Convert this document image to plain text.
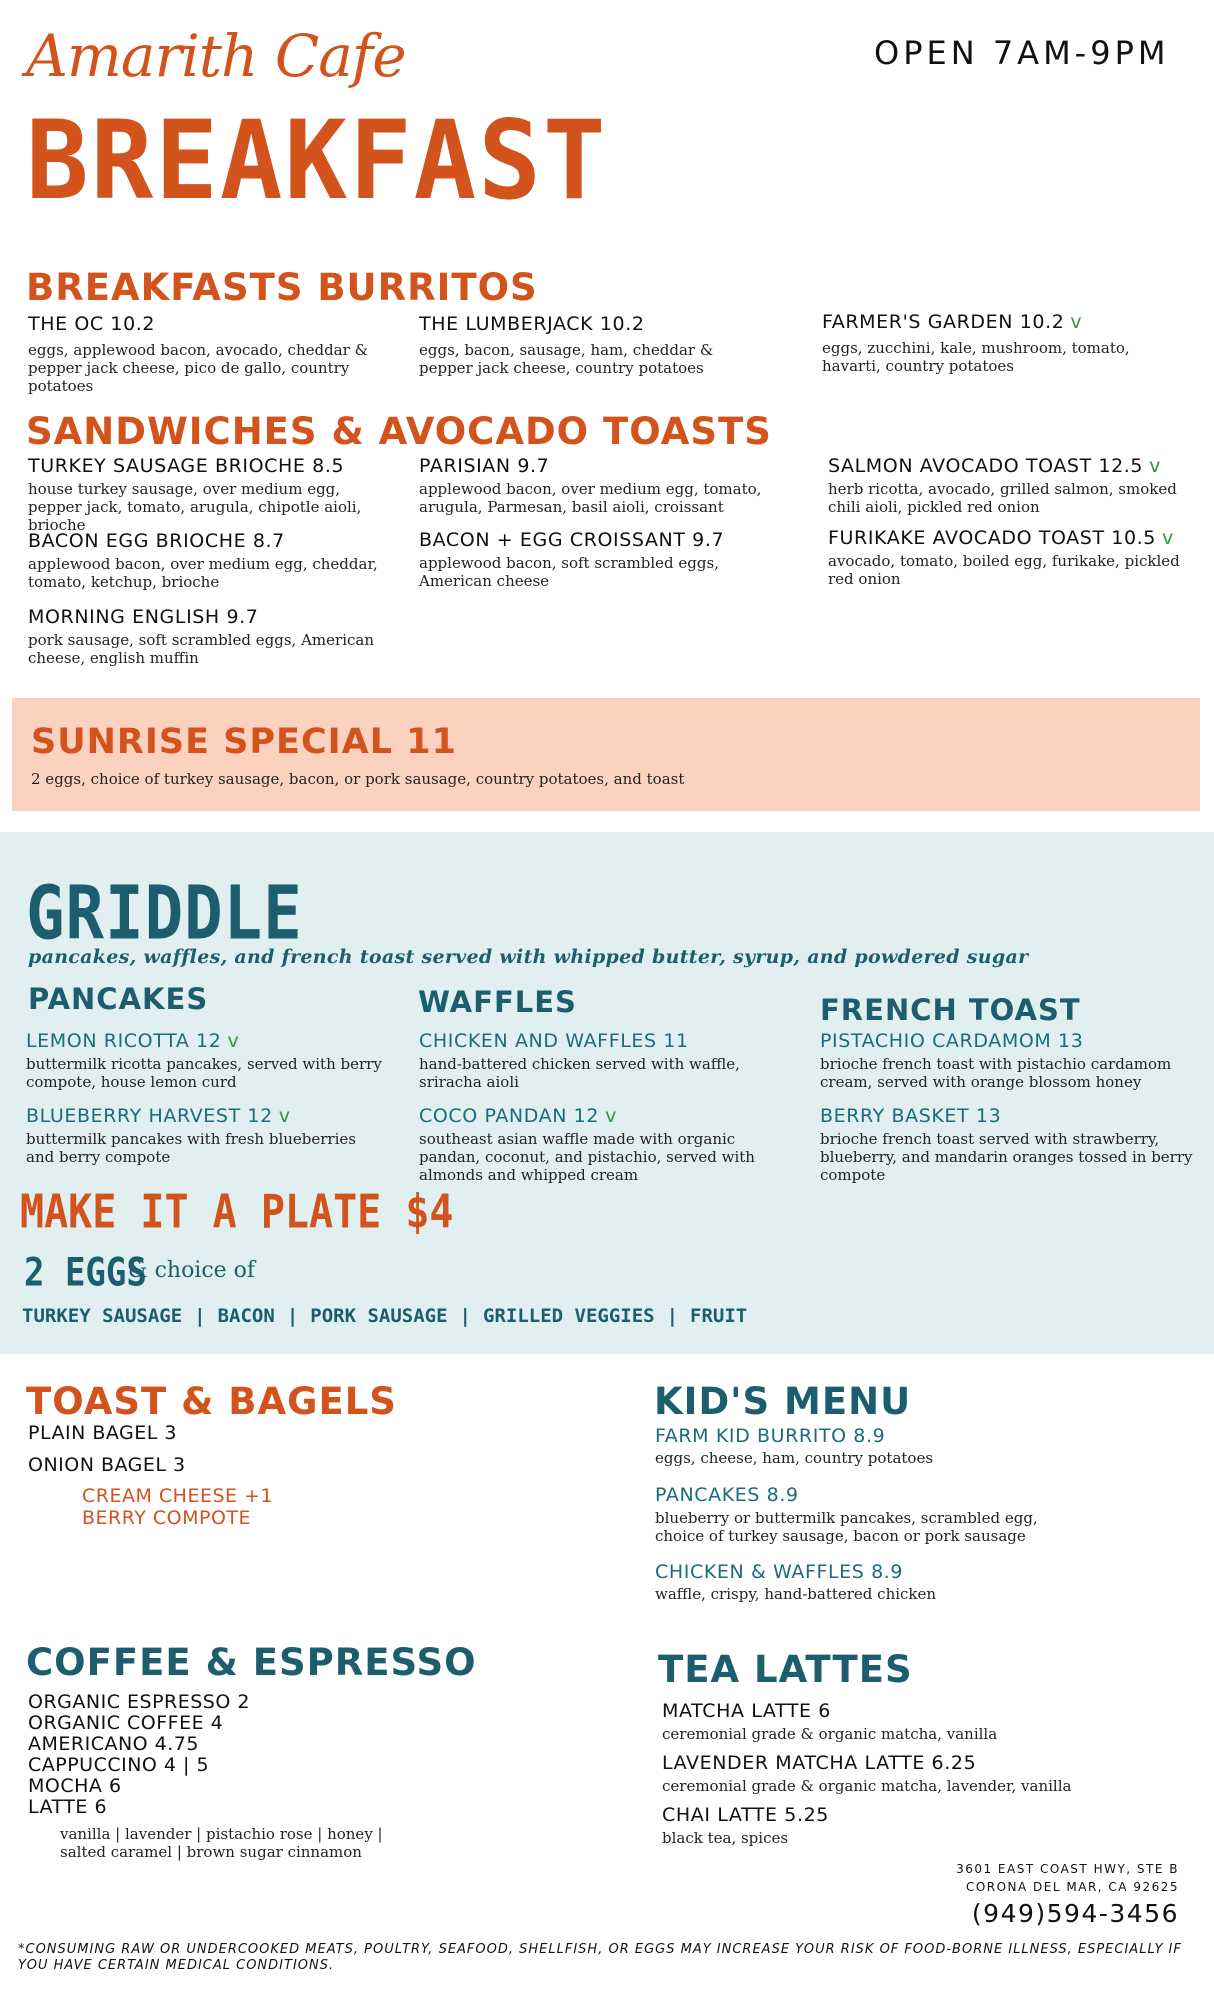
Amarith Cafe
BREAKFAST
OPEN 7AM-9PM
BREAKFASTS BURRITOS
THE OC 10.2
eggs, applewood bacon, avocado, cheddar & pepper jack cheese, pico de gallo, country potatoes
THE LUMBERJACK 10.2
eggs, bacon, sausage, ham, cheddar & pepper jack cheese, country potatoes
FARMER'S GARDEN 10.2 v
eggs, zucchini, kale, mushroom, tomato, havarti, country potatoes
SANDWICHES & AVOCADO TOASTS
TURKEY SAUSAGE BRIOCHE 8.5
house turkey sausage, over medium egg, pepper jack, tomato, arugula, chipotle aioli, brioche
BACON EGG BRIOCHE 8.7
applewood bacon, over medium egg, cheddar, tomato, ketchup, brioche
MORNING ENGLISH 9.7
pork sausage, soft scrambled eggs, American cheese, english muffin
PARISIAN 9.7
applewood bacon, over medium egg, tomato, arugula, Parmesan, basil aioli, croissant
BACON + EGG CROISSANT 9.7
applewood bacon, soft scrambled eggs, American cheese
SALMON AVOCADO TOAST 12.5 v
herb ricotta, avocado, grilled salmon, smoked chili aioli, pickled red onion
FURIKAKE AVOCADO TOAST 10.5 v
avocado, tomato, boiled egg, furikake, pickled red onion
SUNRISE SPECIAL 11
2 eggs, choice of turkey sausage, bacon, or pork sausage, country potatoes, and toast
GRIDDLE
pancakes, waffles, and french toast served with whipped butter, syrup, and powdered sugar
PANCAKES	WAFFLES	FRENCH TOAST
LEMON RICOTTA 12 v
buttermilk ricotta pancakes, served with berry compote, house lemon curd
BLUEBERRY HARVEST 12 v
buttermilk pancakes with fresh blueberries and berry compote
CHICKEN AND WAFFLES 11
hand-battered chicken served with waffle, sriracha aioli
COCO PANDAN 12 v
southeast asian waffle made with organic pandan, coconut, and pistachio, served with almonds and whipped cream
PISTACHIO CARDAMOM 13
brioche french toast with pistachio cardamom cream, served with orange blossom honey
BERRY BASKET 13
brioche french toast served with strawberry, blueberry, and mandarin oranges tossed in berry compote
MAKE IT A PLATE $4
2 EGGS
& choice of
TURKEY SAUSAGE | BACON | PORK SAUSAGE | GRILLED VEGGIES | FRUIT
TOAST & BAGELS
PLAIN BAGEL 3
ONION BAGEL 3
CREAM CHEESE +1
BERRY COMPOTE
KID'S MENU
FARM KID BURRITO 8.9
eggs, cheese, ham, country potatoes
PANCAKES 8.9
blueberry or buttermilk pancakes, scrambled egg, choice of turkey sausage, bacon or pork sausage
CHICKEN & WAFFLES 8.9
waffle, crispy, hand-battered chicken
COFFEE & ESPRESSO
ORGANIC ESPRESSO 2
ORGANIC COFFEE 4
AMERICANO 4.75
CAPPUCCINO 4 | 5
MOCHA 6
LATTE 6
vanilla | lavender | pistachio rose | honey | salted caramel | brown sugar cinnamon
TEA LATTES
MATCHA LATTE 6
ceremonial grade & organic matcha, vanilla
LAVENDER MATCHA LATTE 6.25
ceremonial grade & organic matcha, lavender, vanilla
CHAI LATTE 5.25
black tea, spices
3601 EAST COAST HWY, STE B
CORONA DEL MAR, CA 92625
(949)594-3456
*CONSUMING RAW OR UNDERCOOKED MEATS, POULTRY, SEAFOOD, SHELLFISH, OR EGGS MAY INCREASE YOUR RISK OF FOOD-BORNE ILLNESS, ESPECIALLY IF YOU HAVE CERTAIN MEDICAL CONDITIONS.
